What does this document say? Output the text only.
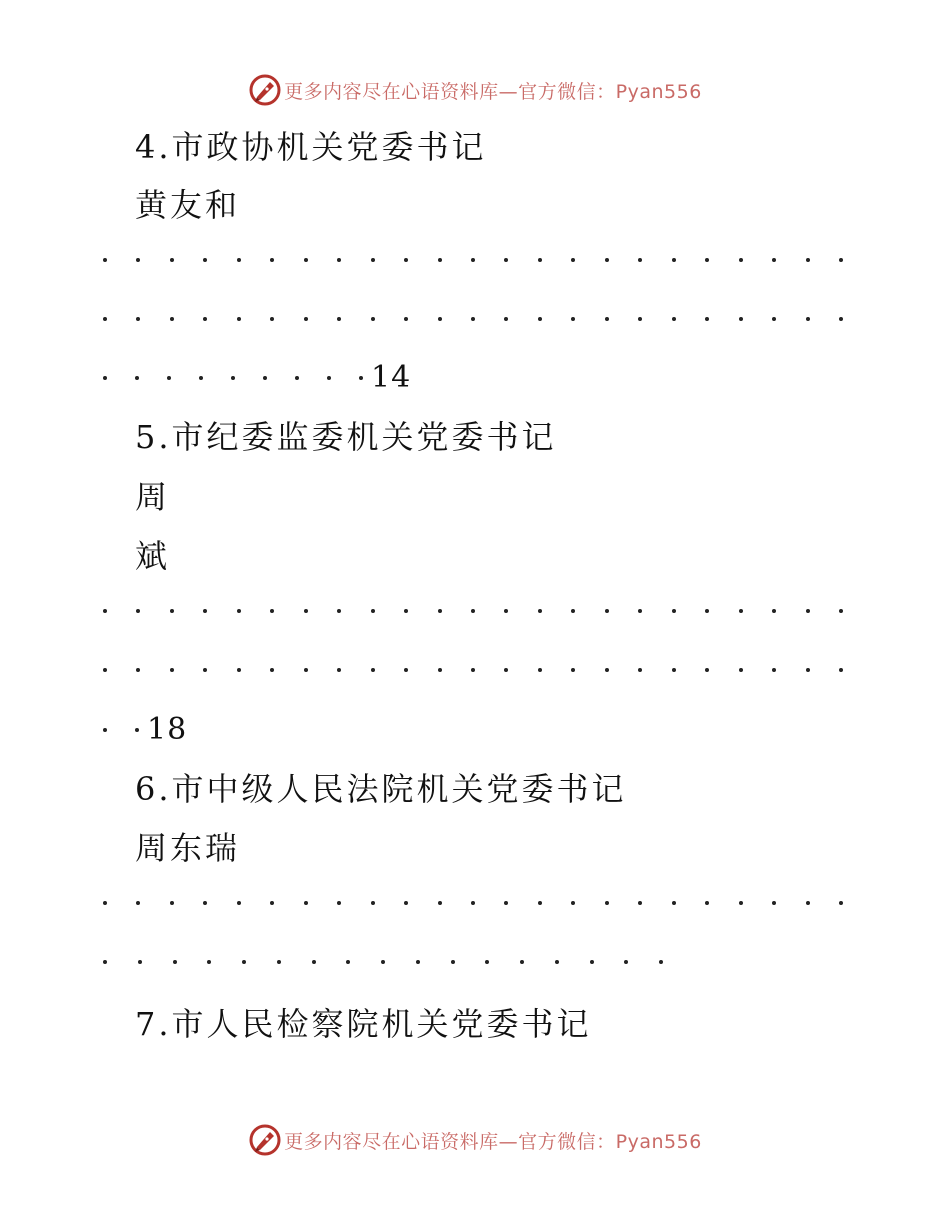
更多内容尽在心语资料库—官方微信：Pyan556
4.市政协机关党委书记
黄友和
14
5.市纪委监委机关党委书记
周
斌
18
6.市中级人民法院机关党委书记
周东瑞
7.市人民检察院机关党委书记
更多内容尽在心语资料库—官方微信：Pyan556
